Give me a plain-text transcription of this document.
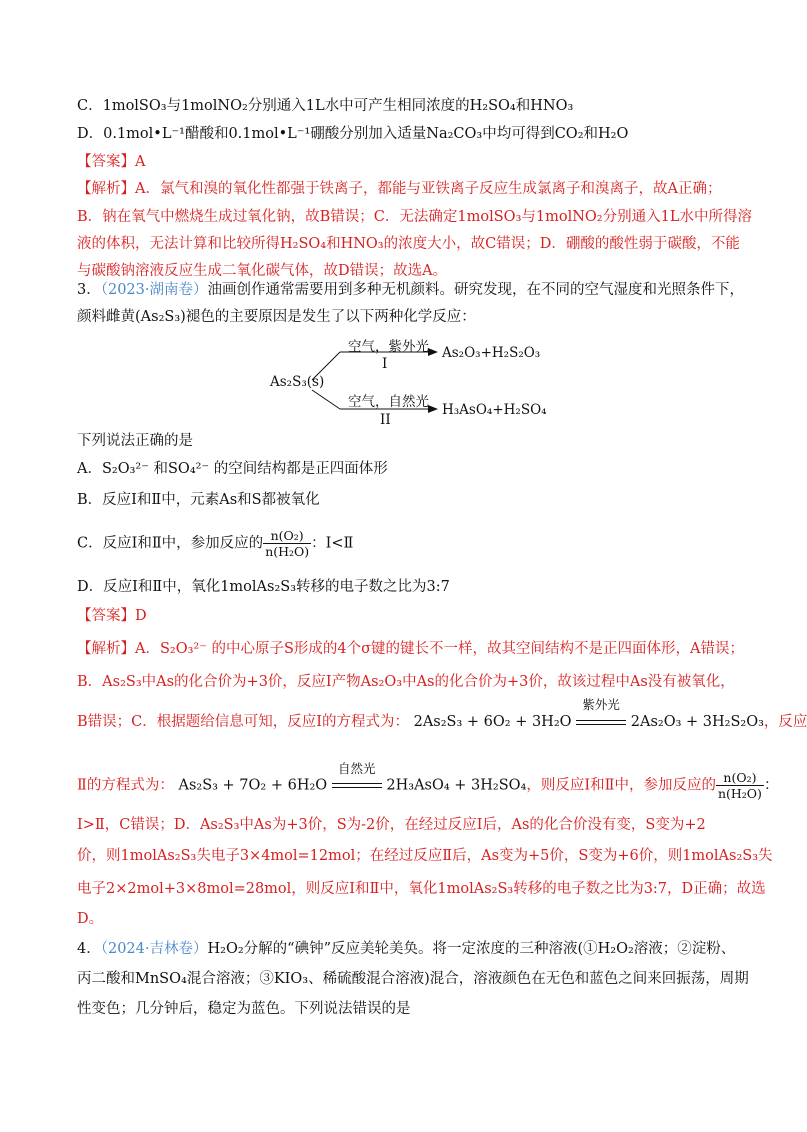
C．1molSO₃与1molNO₂分别通入1L水中可产生相同浓度的H₂SO₄和HNO₃
D．0.1mol•L⁻¹醋酸和0.1mol•L⁻¹硼酸分别加入适量Na₂CO₃中均可得到CO₂和H₂O
【答案】A
【解析】A．氯气和溴的氧化性都强于铁离子，都能与亚铁离子反应生成氯离子和溴离子，故A正确；
B．钠在氧气中燃烧生成过氧化钠，故B错误；C．无法确定1molSO₃与1molNO₂分别通入1L水中所得溶
液的体积，无法计算和比较所得H₂SO₄和HNO₃的浓度大小，故C错误；D．硼酸的酸性弱于碳酸，不能
与碳酸钠溶液反应生成二氧化碳气体，故D错误；故选A。
3．（2023·湖南卷）油画创作通常需要用到多种无机颜料。研究发现，在不同的空气湿度和光照条件下，
颜料雌黄(As₂S₃)褪色的主要原因是发生了以下两种化学反应：
As₂S₃(s)
空气，紫外光
I
As₂O₃+H₂S₂O₃
空气，自然光
II
H₃AsO₄+H₂SO₄
下列说法正确的是
A．S₂O₃²⁻ 和SO₄²⁻ 的空间结构都是正四面体形
B．反应Ⅰ和Ⅱ中，元素As和S都被氧化
C．反应Ⅰ和Ⅱ中，参加反应的 $\frac{\text{n(O₂)}}{\text{n(H₂O)}}$ ：Ⅰ<Ⅱ
D．反应Ⅰ和Ⅱ中，氧化1molAs₂S₃转移的电子数之比为3:7
【答案】D
【解析】A．S₂O₃²⁻ 的中心原子S形成的4个σ键的键长不一样，故其空间结构不是正四面体形，A错误；
B．As₂S₃中As的化合价为+3价，反应Ⅰ产物As₂O₃中As的化合价为+3价，故该过程中As没有被氧化，
B错误；C．根据题给信息可知，反应I的方程式为： 2As₂S₃ + 6O₂ + 3H₂O
紫外光
2As₂O₃ + 3H₂S₂O₃，反应
Ⅱ的方程式为： As₂S₃ + 7O₂ + 6H₂O
自然光
2H₃AsO₄ + 3H₂SO₄，则反应Ⅰ和Ⅱ中，参加反应的 $\frac{\text{n(O₂)}}{\text{n(H₂O)}}$ ：
Ⅰ>Ⅱ，C错误；D．As₂S₃中As为+3价，S为-2价，在经过反应Ⅰ后，As的化合价没有变，S变为+2
价，则1molAs₂S₃失电子3×4mol=12mol；在经过反应Ⅱ后，As变为+5价，S变为+6价，则1molAs₂S₃失
电子2×2mol+3×8mol=28mol，则反应Ⅰ和Ⅱ中，氧化1molAs₂S₃转移的电子数之比为3:7，D正确；故选
D。
4．（2024·吉林卷）H₂O₂分解的“碘钟”反应美轮美奂。将一定浓度的三种溶液(①H₂O₂溶液；②淀粉、
丙二酸和MnSO₄混合溶液；③KIO₃、稀硫酸混合溶液)混合，溶液颜色在无色和蓝色之间来回振荡，周期
性变色；几分钟后，稳定为蓝色。下列说法错误的是
